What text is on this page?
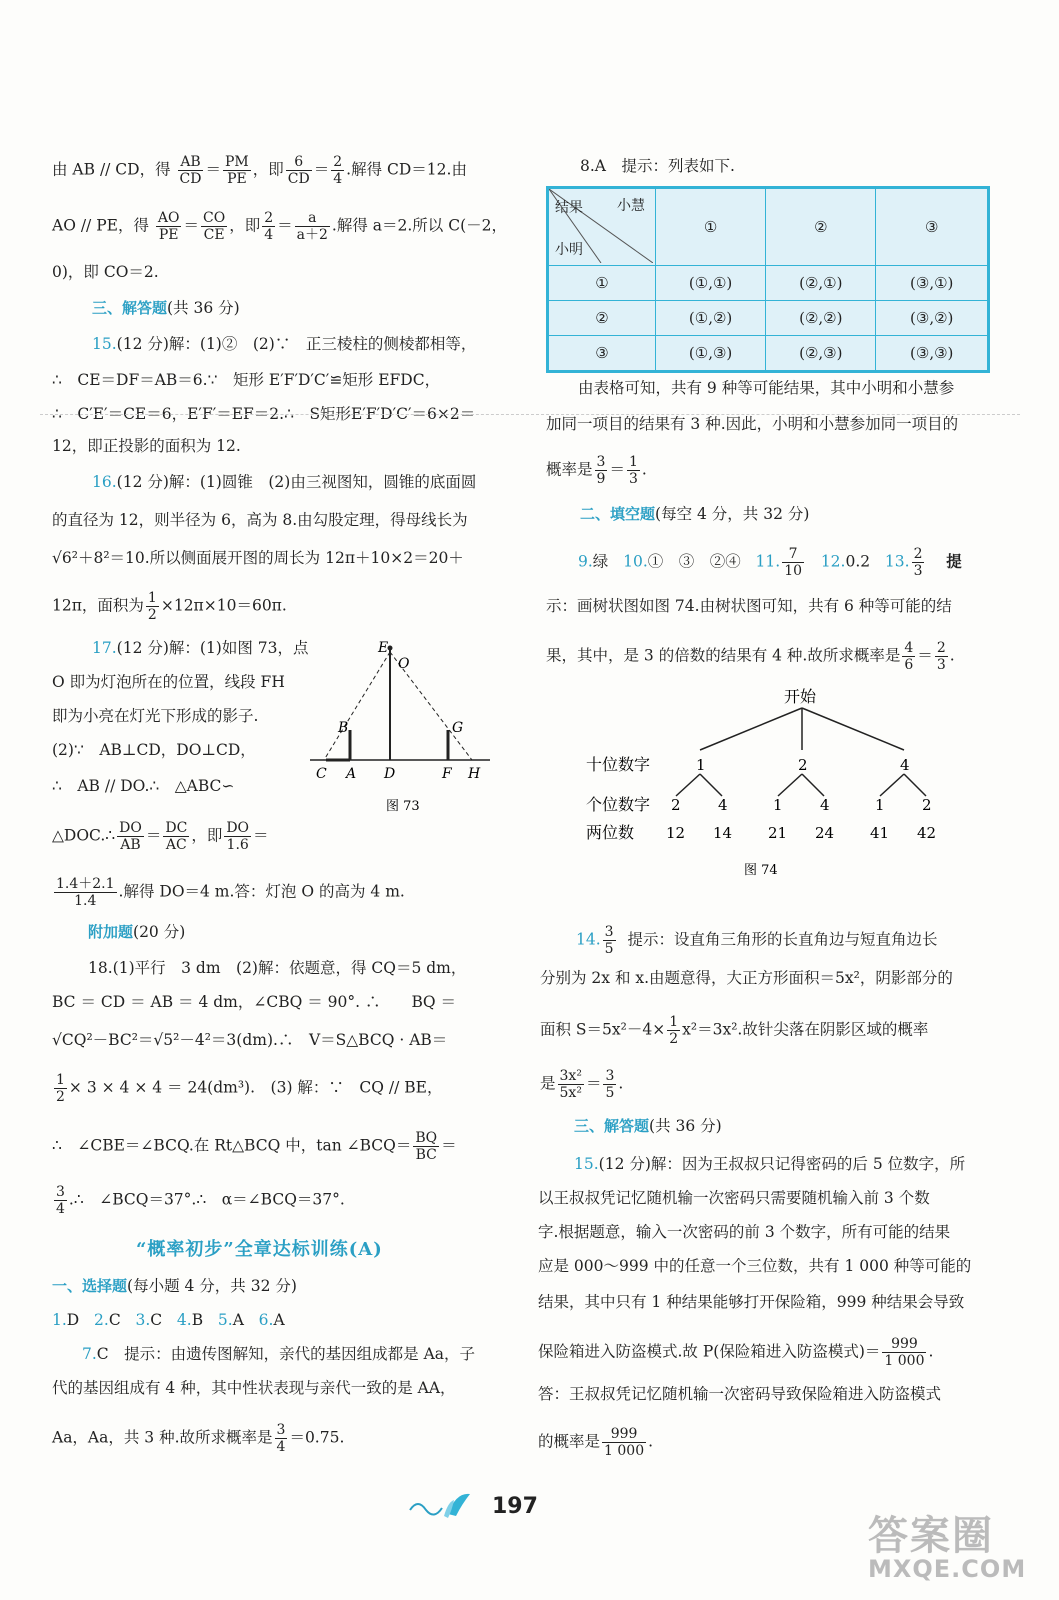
由 AB // CD，得 $\frac{AB}{CD} = \frac{PM}{PE}$ ，即 $\frac{6}{CD} = \frac{2}{4}$ .解得 CD＝12.由
AO // PE，得 $\frac{AO}{PE} = \frac{CO}{CE}$ ，即 $\frac{2}{4} = \frac{a}{a+2}$ .解得 a＝2.所以 C(－2，
0)，即 CO＝2.
三、解答题(共 36 分)
15.(12 分)解：(1)②　(2)∵　正三棱柱的侧棱都相等，
∴　CE＝DF＝AB＝6.∵　矩形 E′F′D′C′≌矩形 EFDC，
∴　C′E′＝CE＝6，E′F′＝EF＝2.∴　S矩形E′F′D′C′＝6×2＝
12，即正投影的面积为 12.
16.(12 分)解：(1)圆锥　(2)由三视图知，圆锥的底面圆
的直径为 12，则半径为 6，高为 8.由勾股定理，得母线长为
√6²＋8²＝10.所以侧面展开图的周长为 12π＋10×2＝20＋
12π，面积为 $\frac{1}{2} \times 12\pi\times 10=60\pi$.
17.(12 分)解：(1)如图 73，点
O 即为灯泡所在的位置，线段 FH
即为小亮在灯光下形成的影子.
(2)∵　AB⊥CD，DO⊥CD，
∴　AB // DO.∴　△ABC∽
△DOC.∴ $\frac{DO}{AB} = \frac{DC}{AC}$ ，即 $\frac{DO}{1.6}$ ＝
$\frac{1.4+2.1}{1.4}$ .解得 DO＝4 m.答：灯泡 O 的高为 4 m.
附加题(20 分)
18.(1)平行　3 dm　(2)解：依题意，得 CQ＝5 dm，
BC ＝ CD ＝ AB ＝ 4 dm，∠CBQ ＝ 90°. ∴　　BQ ＝
√CQ²－BC²＝√5²－4²＝3(dm).∴　V＝S△BCQ · AB＝
$\frac{1}{2} \times 3 \times 4 \times 4 = 24(dm^3)$.　(3) 解：∵　CQ // BE，
∴　∠CBE＝∠BCQ.在 Rt△BCQ 中，tan ∠BCQ＝ $\frac{BQ}{BC}$ ＝
$\frac{3}{4}$ .∴　∠BCQ＝37°.∴　α＝∠BCQ＝37°.
“概率初步”全章达标训练(A)
一、选择题(每小题 4 分，共 32 分)
1.D 2.C 3.C 4.B 5.A 6.A
7.C　提示：由遗传图解知，亲代的基因组成都是 Aa，子
代的基因组成有 4 种，其中性状表现与亲代一致的是 AA，
Aa，Aa，共 3 种.故所求概率是 $\frac{3}{4} =0.75$.
E
O
B	G
C A D	F H
图 73
8.A　提示：列表如下.
结果 小慧
小明	①	②	③
①	(①,①)	(②,①)	(③,①)
②	(①,②)	(②,②)	(③,②)
③	(①,③)	(②,③)	(③,③)
由表格可知，共有 9 种等可能结果，其中小明和小慧参
加同一项目的结果有 3 种.因此，小明和小慧参加同一项目的
概率是 $\frac{3}{9} = \frac{1}{3}$ .
二、填空题(每空 4 分，共 32 分)
9.绿 10.①　③　②④ 11. $\frac{7}{10} 12.0.2$ 13. $\frac{2}{3}$ 提
示：画树状图如图 74.由树状图可知，共有 6 种等可能的结
果，其中，是 3 的倍数的结果有 4 种.故所求概率是 $\frac{4}{6} = \frac{2}{3}$ .
开始
十位数字	1	2	4
个位数字 2 4	1 4	1 2
两位数 12 14 21 24 41 42
图 74
14. $\frac{3}{5}$ 提示：设直角三角形的长直角边与短直角边长
分别为 2x 和 x.由题意得，大正方形面积＝5x²，阴影部分的
面积 $S=5x^2-4\times \frac{1}{2} x^2=3x^2$.故针尖落在阴影区域的概率
是 $\frac{\text{3x²}}{\text{5x²}} = \frac{3}{5}$ .
三、解答题(共 36 分)
15.(12 分)解：因为王叔叔只记得密码的后 5 位数字，所
以王叔叔凭记忆随机输一次密码只需要随机输入前 3 个数
字.根据题意，输入一次密码的前 3 个数字，所有可能的结果
应是 000～999 中的任意一个三位数，共有 1 000 种等可能的
结果，其中只有 1 种结果能够打开保险箱，999 种结果会导致
保险箱进入防盗模式.故 P(保险箱进入防盗模式)＝ $\frac{999}{1 000}$ .
答：王叔叔凭记忆随机输一次密码导致保险箱进入防盗模式
的概率是 $\frac{999}{1 000}$ .
197
答案圈
MXQE.COM
